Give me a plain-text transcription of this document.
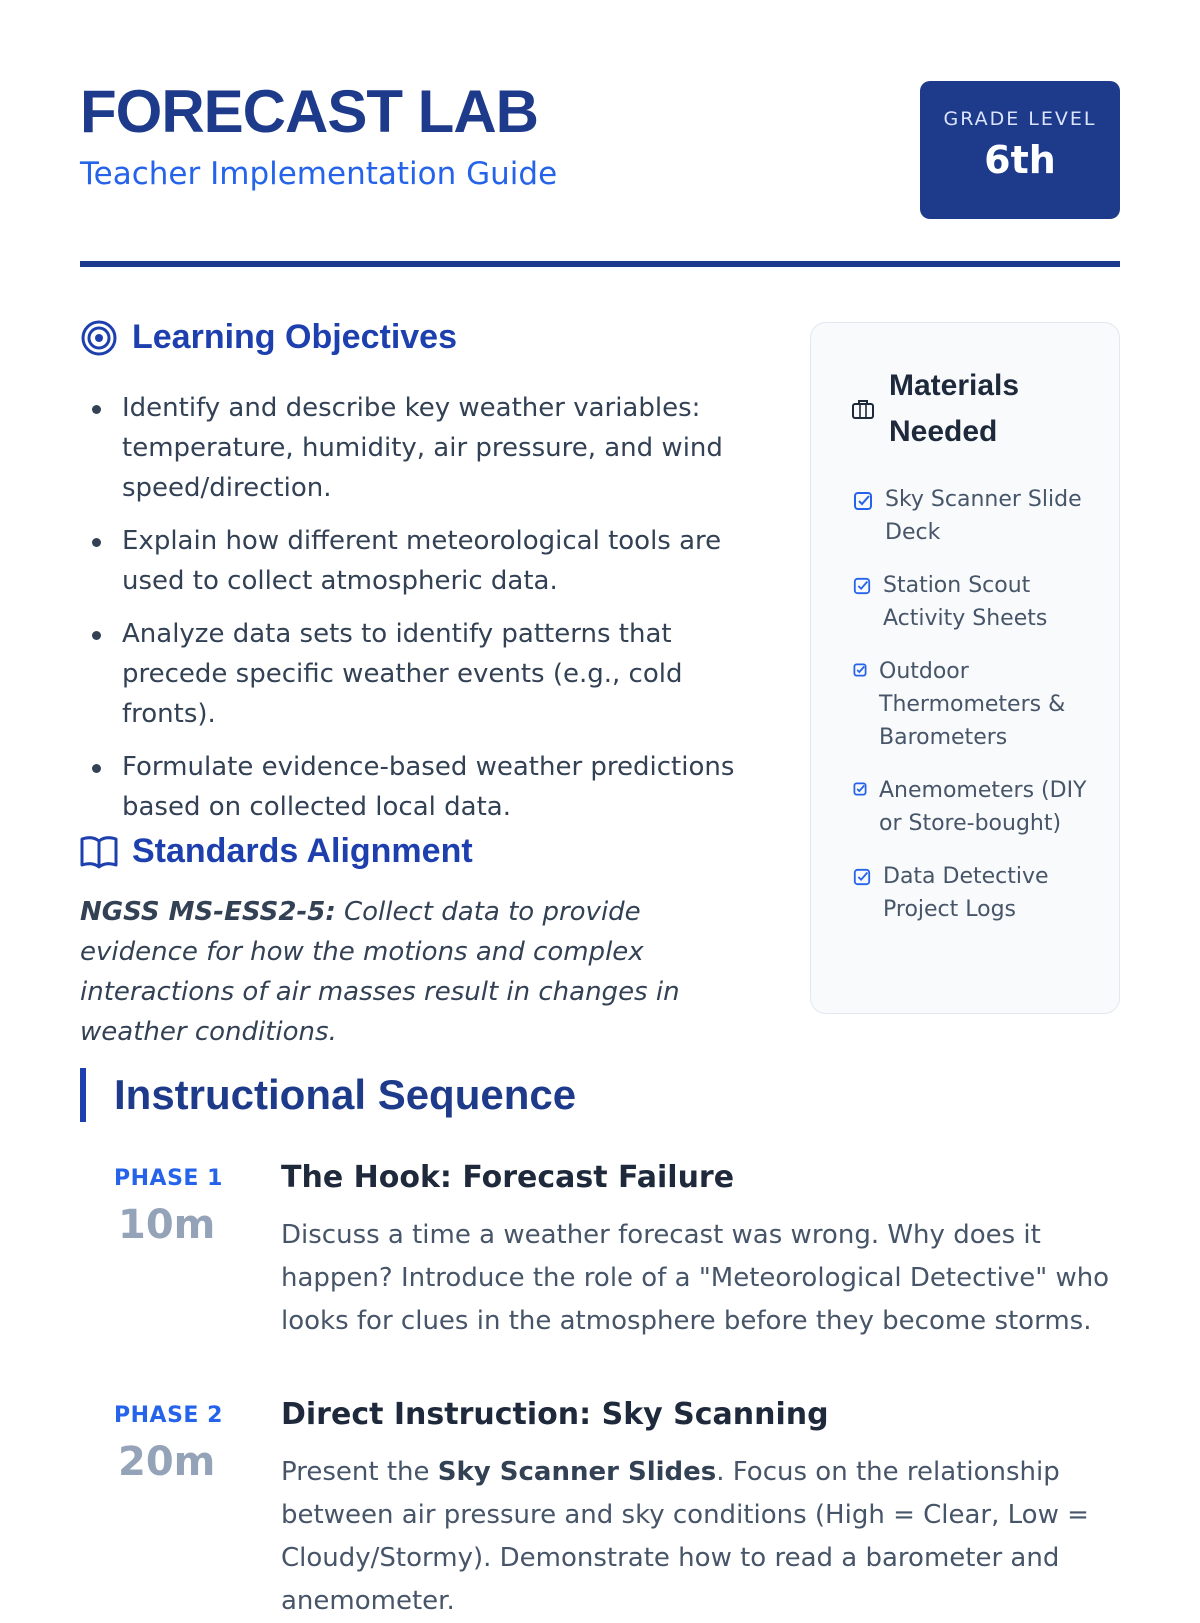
FORECAST LAB
Teacher Implementation Guide
GRADE LEVEL
6th
Learning Objectives
Identify and describe key weather variables: temperature, humidity, air pressure, and wind speed/direction.
Explain how different meteorological tools are used to collect atmospheric data.
Analyze data sets to identify patterns that precede specific weather events (e.g., cold fronts).
Formulate evidence-based weather predictions based on collected local data.
Standards Alignment

NGSS MS-ESS2-5: Collect data to provide evidence for how the motions and complex interactions of air masses result in changes in weather conditions.

Materials Needed
Sky Scanner Slide Deck
Station Scout Activity Sheets
Outdoor Thermometers & Barometers
Anemometers (DIY or Store-bought)
Data Detective Project Logs
Instructional Sequence
PHASE 1
10m
The Hook: Forecast Failure

Discuss a time a weather forecast was wrong. Why does it happen? Introduce the role of a "Meteorological Detective" who looks for clues in the atmosphere before they become storms.

PHASE 2
20m
Direct Instruction: Sky Scanning

Present the Sky Scanner Slides. Focus on the relationship between air pressure and sky conditions (High = Clear, Low = Cloudy/Stormy). Demonstrate how to read a barometer and anemometer.
